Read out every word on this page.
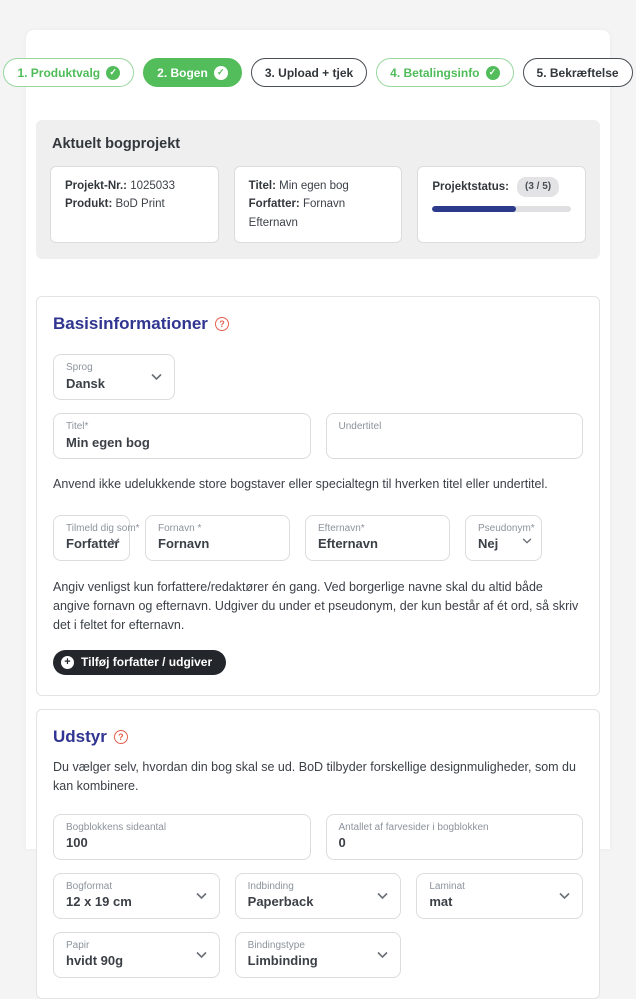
1. Produktvalg	✓	2. Bogen	✓	3. Upload + tjek	4. Betalingsinfo	✓	5. Bekræftelse
Aktuelt bogprojekt
Projekt-Nr.: 1025033
Produkt: BoD Print
Titel: Min egen bog
Forfatter: Fornavn Efternavn
Projektstatus:	(3 / 5)
Basisinformationer	?
Sprog
Dansk
Titel*
Min egen bog
Undertitel
Anvend ikke udelukkende store bogstaver eller specialtegn til hverken titel eller undertitel.
Tilmeld dig som*
Forfatter
Fornavn *
Fornavn
Efternavn*
Efternavn
Pseudonym*
Nej
Angiv venligst kun forfattere/redaktører én gang. Ved borgerlige navne skal du altid både angive fornavn og efternavn. Udgiver du under et pseudonym, der kun består af ét ord, så skriv det i feltet for efternavn.
+ Tilføj forfatter / udgiver
Udstyr	?
Du vælger selv, hvordan din bog skal se ud. BoD tilbyder forskellige designmuligheder, som du kan kombinere.
Bogblokkens sideantal
100
Antallet af farvesider i bogblokken
0
Bogformat
12 x 19 cm
Indbinding
Paperback
Laminat
mat
Papir
hvidt 90g
Bindingstype
Limbinding
